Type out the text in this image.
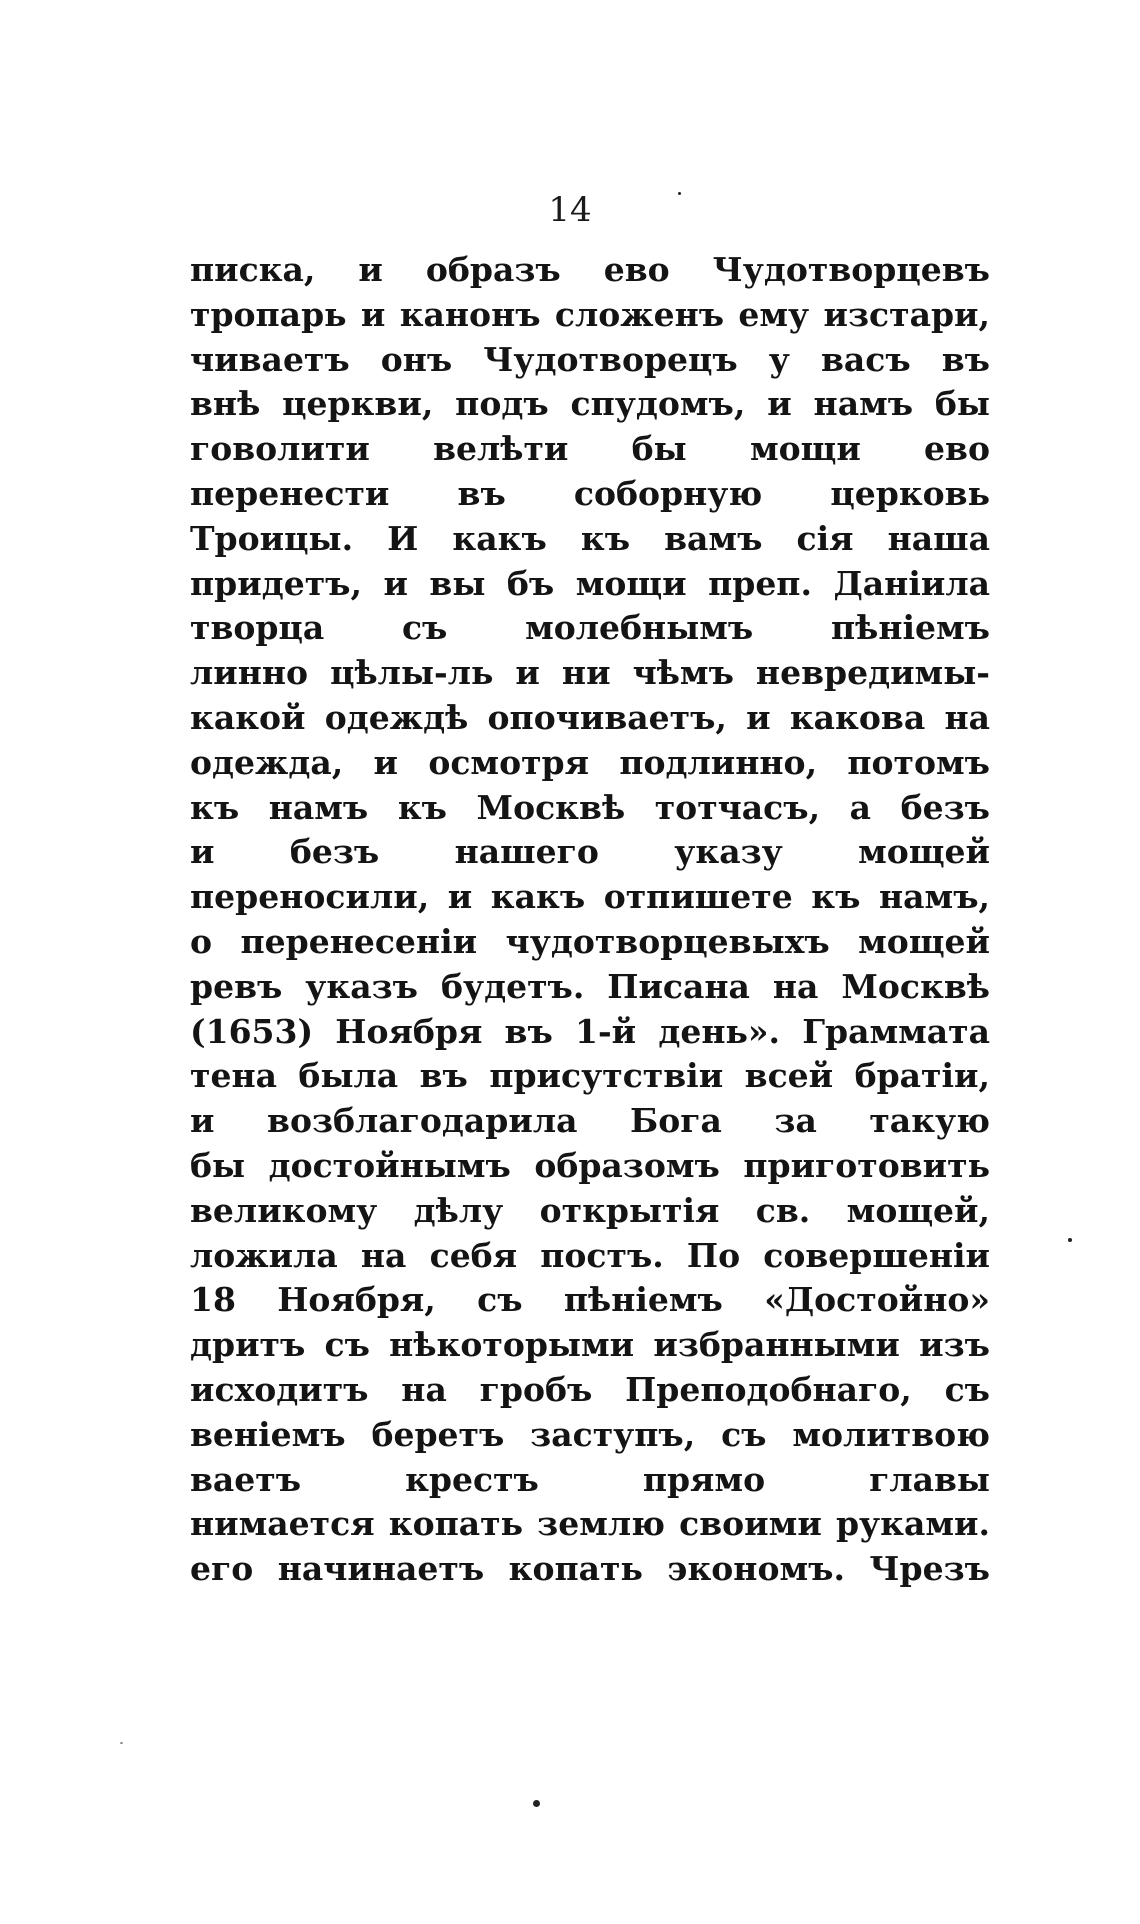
14
писка, и образъ ево Чудотворцевъ
тропарь и канонъ сложенъ ему изстари,
чиваетъ онъ Чудотворецъ у васъ въ
внѣ церкви, подъ спудомъ, и намъ бы
говолити велѣти бы мощи ево
перенести въ соборную церковь
Троицы. И какъ къ вамъ сія наша
придетъ, и вы бъ мощи преп. Даніила
творца съ молебнымъ пѣніемъ
линно цѣлы-ль и ни чѣмъ невредимы-
какой одеждѣ опочиваетъ, и какова на
одежда, и осмотря подлинно, потомъ
къ намъ къ Москвѣ тотчасъ, а безъ
и безъ нашего указу мощей
переносили, и какъ отпишете къ намъ,
о перенесеніи чудотворцевыхъ мощей
ревъ указъ будетъ. Писана на Москвѣ
(1653) Ноября въ 1-й день». Граммата
тена была въ присутствіи всей братіи,
и возблагодарила Бога за такую
бы достойнымъ образомъ приготовить
великому дѣлу открытія св. мощей,
ложила на себя постъ. По совершеніи
18 Ноября, съ пѣніемъ «Достойно»
дритъ съ нѣкоторыми избранными изъ
исходитъ на гробъ Преподобнаго, съ
веніемъ беретъ заступъ, съ молитвою
ваетъ крестъ прямо главы
нимается копать землю своими руками.
его начинаетъ копать экономъ. Чрезъ
